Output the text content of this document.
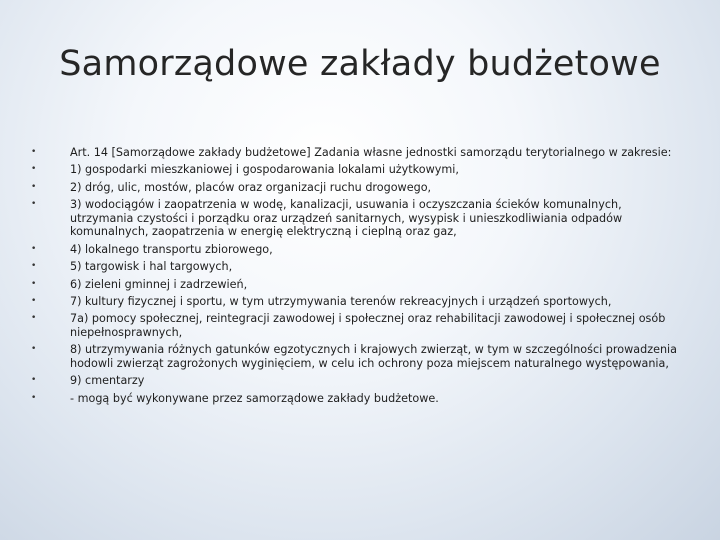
Samorządowe zakłady budżetowe
•	Art. 14 [Samorządowe zakłady budżetowe] Zadania własne jednostki samorządu terytorialnego w zakresie:
•	1) gospodarki mieszkaniowej i gospodarowania lokalami użytkowymi,
•	2) dróg, ulic, mostów, placów oraz organizacji ruchu drogowego,
•	3) wodociągów i zaopatrzenia w wodę, kanalizacji, usuwania i oczyszczania ścieków komunalnych, utrzymania czystości i porządku oraz urządzeń sanitarnych, wysypisk i unieszkodliwiania odpadów komunalnych, zaopatrzenia w energię elektryczną i cieplną oraz gaz,
•	4) lokalnego transportu zbiorowego,
•	5) targowisk i hal targowych,
•	6) zieleni gminnej i zadrzewień,
•	7) kultury fizycznej i sportu, w tym utrzymywania terenów rekreacyjnych i urządzeń sportowych,
•	7a) pomocy społecznej, reintegracji zawodowej i społecznej oraz rehabilitacji zawodowej i społecznej osób niepełnosprawnych,
•	8) utrzymywania różnych gatunków egzotycznych i krajowych zwierząt, w tym w szczególności prowadzenia hodowli zwierząt zagrożonych wyginięciem, w celu ich ochrony poza miejscem naturalnego występowania,
•	9) cmentarzy
•	- mogą być wykonywane przez samorządowe zakłady budżetowe.
